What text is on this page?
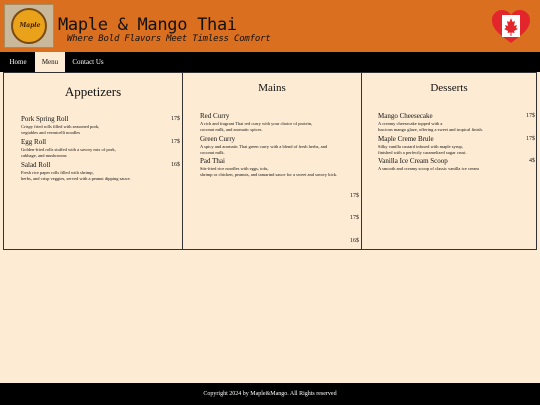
Maple Maple & Mango Thai
Where Bold Flavors Meet Timless Comfort
Home	Menu	Contact Us
Appetizers
Pork Spring Roll
Crispy fried rolls filled with seasoned pork,
vegtables and vermicelli noodles
17$
Egg Roll
Golden-fried rolls stuffed with a savory mix of pork,
cabbage, and mushrooms
17$
Salad Roll
Fresh rice paper rolls filled with shrimp,
herbs, and crisp veggies, served with a peanut dipping sauce.
16$
Mains
Red Curry
A rich and fragrant Thai red curry with your choice of protein,
coconut milk, and aromatic spices.
Green Curry
A spicy and aromatic Thai green curry with a blend of fresh herbs, and
coconut milk.
Pad Thai
Stir-fried rice noodles with eggs, tofu,
shrimp or chicken, peanuts, and tamarind sauce for a sweet and savory kick.
17$
17$
16$
Desserts
Mango Cheesecake
A creamy cheesecake topped with a
luscious mango glaze, offering a sweet and tropical finish.
17$
Maple Creme Brule
Silky vanilla custard infused with maple syrup,
finished with a perfectly caramelized sugar crust.
17$
Vanilla Ice Cream Scoop
A smooth and creamy scoop of classic vanilla ice cream
4$
Copyright 2024 by Maple&Mango. All Rights reserved
